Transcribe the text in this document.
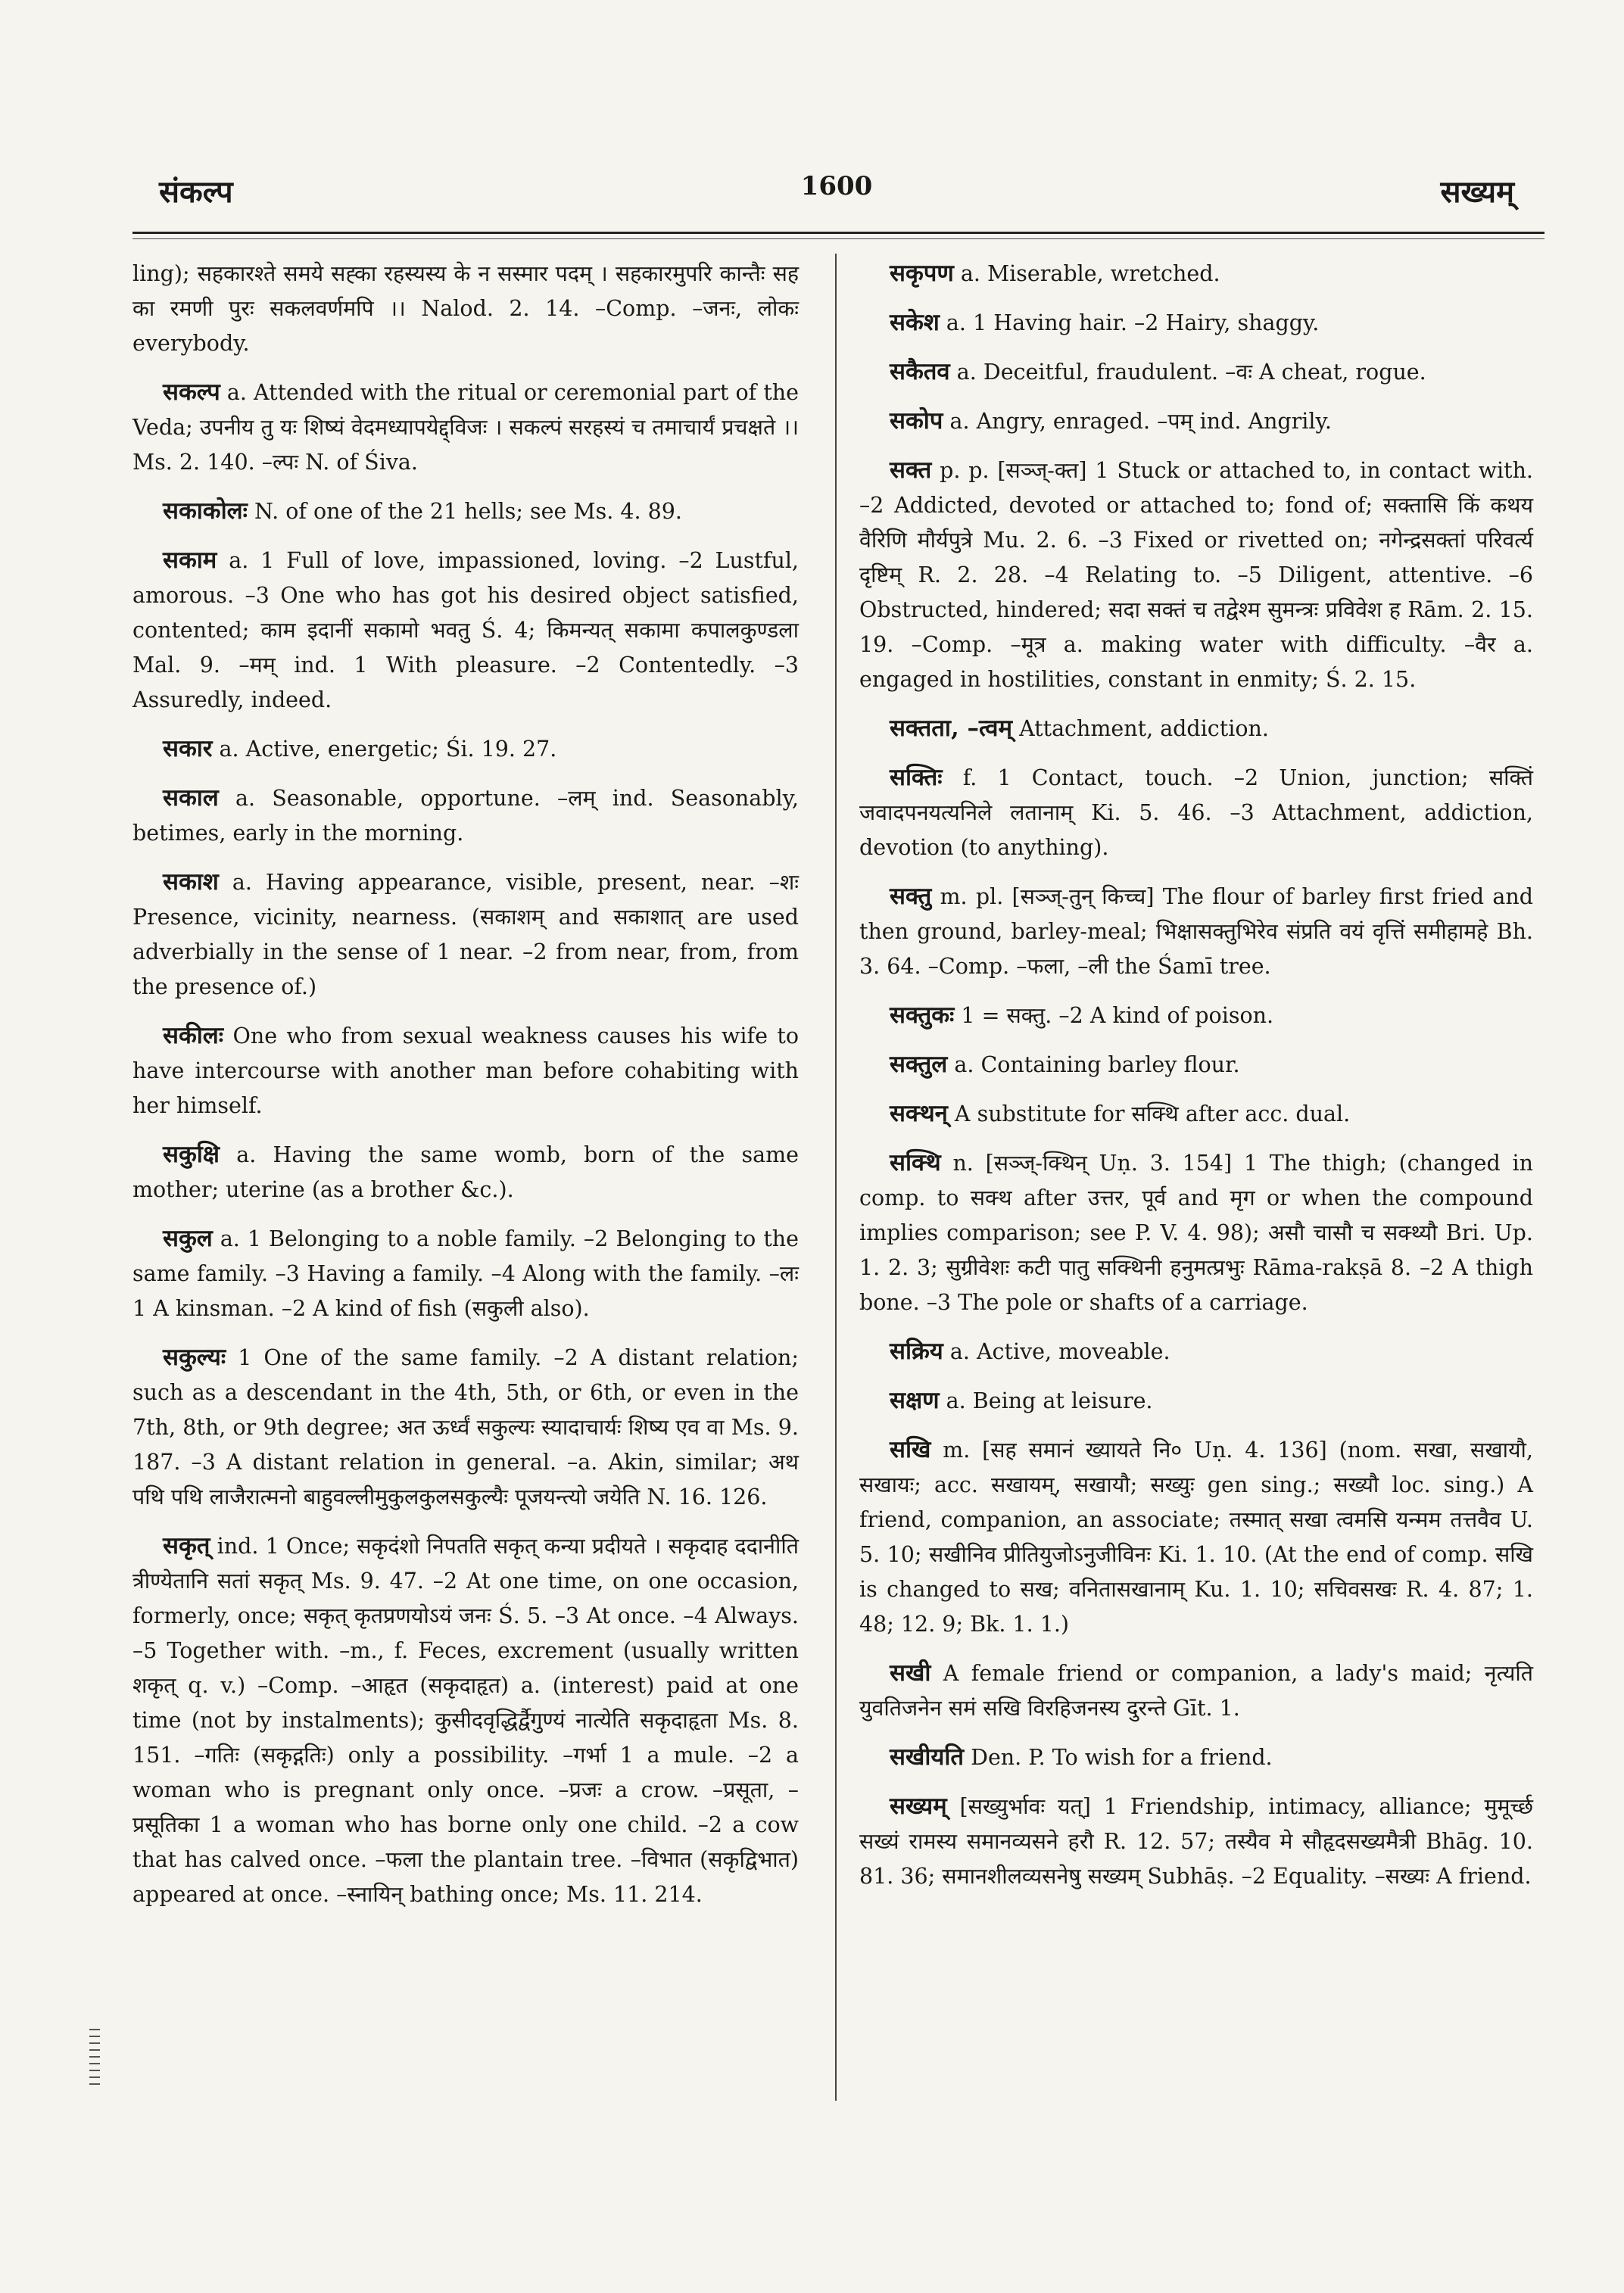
संकल्प	1600	सख्यम्

ling); सहकारश्ते समये सह्का रहस्यस्य के न सस्मार पदम् । सहकारमुपरि कान्तैः सह का रमणी पुरः सकलवर्णमपि ।। Nalod. 2. 14. –Comp. –जनः, लोकः everybody.

सकल्प a. Attended with the ritual or ceremonial part of the Veda; उपनीय तु यः शिष्यं वेदमध्यापयेद्द्विजः । सकल्पं सरहस्यं च तमाचार्यं प्रचक्षते ।। Ms. 2. 140. –ल्पः N. of Śiva.

सकाकोलः N. of one of the 21 hells; see Ms. 4. 89.

सकाम a. 1 Full of love, impassioned, loving. –2 Lustful, amorous. –3 One who has got his desired object satisfied, contented; काम इदानीं सकामो भवतु Ś. 4; किमन्यत् सकामा कपालकुण्डला Mal. 9. –मम् ind. 1 With pleasure. –2 Contentedly. –3 Assuredly, indeed.

सकार a. Active, energetic; Śi. 19. 27.

सकाल a. Seasonable, opportune. –लम् ind. Seasonably, betimes, early in the morning.

सकाश a. Having appearance, visible, present, near. –शः Presence, vicinity, nearness. (सकाशम् and सकाशात् are used adverbially in the sense of 1 near. –2 from near, from, from the presence of.)

सकीलः One who from sexual weakness causes his wife to have intercourse with another man before cohabiting with her himself.

सकुक्षि a. Having the same womb, born of the same mother; uterine (as a brother &c.).

सकुल a. 1 Belonging to a noble family. –2 Belonging to the same family. –3 Having a family. –4 Along with the family. –लः 1 A kinsman. –2 A kind of fish (सकुली also).

सकुल्यः 1 One of the same family. –2 A distant relation; such as a descendant in the 4th, 5th, or 6th, or even in the 7th, 8th, or 9th degree; अत ऊर्ध्वं सकुल्यः स्यादाचार्यः शिष्य एव वा Ms. 9. 187. –3 A distant relation in general. –a. Akin, similar; अथ पथि पथि लाजैरात्मनो बाहुवल्लीमुकुलकुलसकुल्यैः पूजयन्त्यो जयेति N. 16. 126.

सकृत् ind. 1 Once; सकृदंशो निपतति सकृत् कन्या प्रदीयते । सकृदाह ददानीति त्रीण्येतानि सतां सकृत् Ms. 9. 47. –2 At one time, on one occasion, formerly, once; सकृत् कृतप्रणयोऽयं जनः Ś. 5. –3 At once. –4 Always. –5 Together with. –m., f. Feces, excrement (usually written शकृत् q. v.) –Comp. –आहृत (सकृदाहृत) a. (interest) paid at one time (not by instalments); कुसीदवृद्धिर्द्वैगुण्यं नात्येति सकृदाहृता Ms. 8. 151. –गतिः (सकृद्गतिः) only a possibility. –गर्भा 1 a mule. –2 a woman who is pregnant only once. –प्रजः a crow. –प्रसूता, –प्रसूतिका 1 a woman who has borne only one child. –2 a cow that has calved once. –फला the plantain tree. –विभात (सकृद्विभात) appeared at once. –स्नायिन् bathing once; Ms. 11. 214.

सकृपण a. Miserable, wretched.

सकेश a. 1 Having hair. –2 Hairy, shaggy.

सकैतव a. Deceitful, fraudulent. –वः A cheat, rogue.

सकोप a. Angry, enraged. –पम् ind. Angrily.

सक्त p. p. [सञ्ज्-क्त] 1 Stuck or attached to, in contact with. –2 Addicted, devoted or attached to; fond of; सक्तासि किं कथय वैरिणि मौर्यपुत्रे Mu. 2. 6. –3 Fixed or rivetted on; नगेन्द्रसक्तां परिवर्त्य दृष्टिम् R. 2. 28. –4 Relating to. –5 Diligent, attentive. –6 Obstructed, hindered; सदा सक्तं च तद्वेश्म सुमन्त्रः प्रविवेश ह Rām. 2. 15. 19. –Comp. –मूत्र a. making water with difficulty. –वैर a. engaged in hostilities, constant in enmity; Ś. 2. 15.

सक्तता, –त्वम् Attachment, addiction.

सक्तिः f. 1 Contact, touch. –2 Union, junction; सक्तिं जवादपनयत्यनिले लतानाम् Ki. 5. 46. –3 Attachment, addiction, devotion (to anything).

सक्तु m. pl. [सञ्ज्-तुन् किच्च] The flour of barley first fried and then ground, barley-meal; भिक्षासक्तुभिरेव संप्रति वयं वृत्तिं समीहामहे Bh. 3. 64. –Comp. –फला, –ली the Śamī tree.

सक्तुकः 1 = सक्तु. –2 A kind of poison.

सक्तुल a. Containing barley flour.

सक्थन् A substitute for सक्थि after acc. dual.

सक्थि n. [सञ्ज्-क्थिन् Uṇ. 3. 154] 1 The thigh; (changed in comp. to सक्थ after उत्तर, पूर्व and मृग or when the compound implies comparison; see P. V. 4. 98); असौ चासौ च सक्थ्यौ Bri. Up. 1. 2. 3; सुग्रीवेशः कटी पातु सक्थिनी हनुमत्प्रभुः Rāma-rakṣā 8. –2 A thigh bone. –3 The pole or shafts of a carriage.

सक्रिय a. Active, moveable.

सक्षण a. Being at leisure.

सखि m. [सह समानं ख्यायते नि० Uṇ. 4. 136] (nom. सखा, सखायौ, सखायः; acc. सखायम्, सखायौ; सख्युः gen sing.; सख्यौ loc. sing.) A friend, companion, an associate; तस्मात् सखा त्वमसि यन्मम तत्तवैव U. 5. 10; सखीनिव प्रीतियुजोऽनुजीविनः Ki. 1. 10. (At the end of comp. सखि is changed to सख; वनितासखानाम् Ku. 1. 10; सचिवसखः R. 4. 87; 1. 48; 12. 9; Bk. 1. 1.)

सखी A female friend or companion, a lady's maid; नृत्यति युवतिजनेन समं सखि विरहिजनस्य दुरन्ते Gīt. 1.

सखीयति Den. P. To wish for a friend.

सख्यम् [सख्युर्भावः यत्] 1 Friendship, intimacy, alliance; मुमूर्च्छ सख्यं रामस्य समानव्यसने हरौ R. 12. 57; तस्यैव मे सौहृदसख्यमैत्री Bhāg. 10. 81. 36; समानशीलव्यसनेषु सख्यम् Subhāṣ. –2 Equality. –सख्यः A friend.
